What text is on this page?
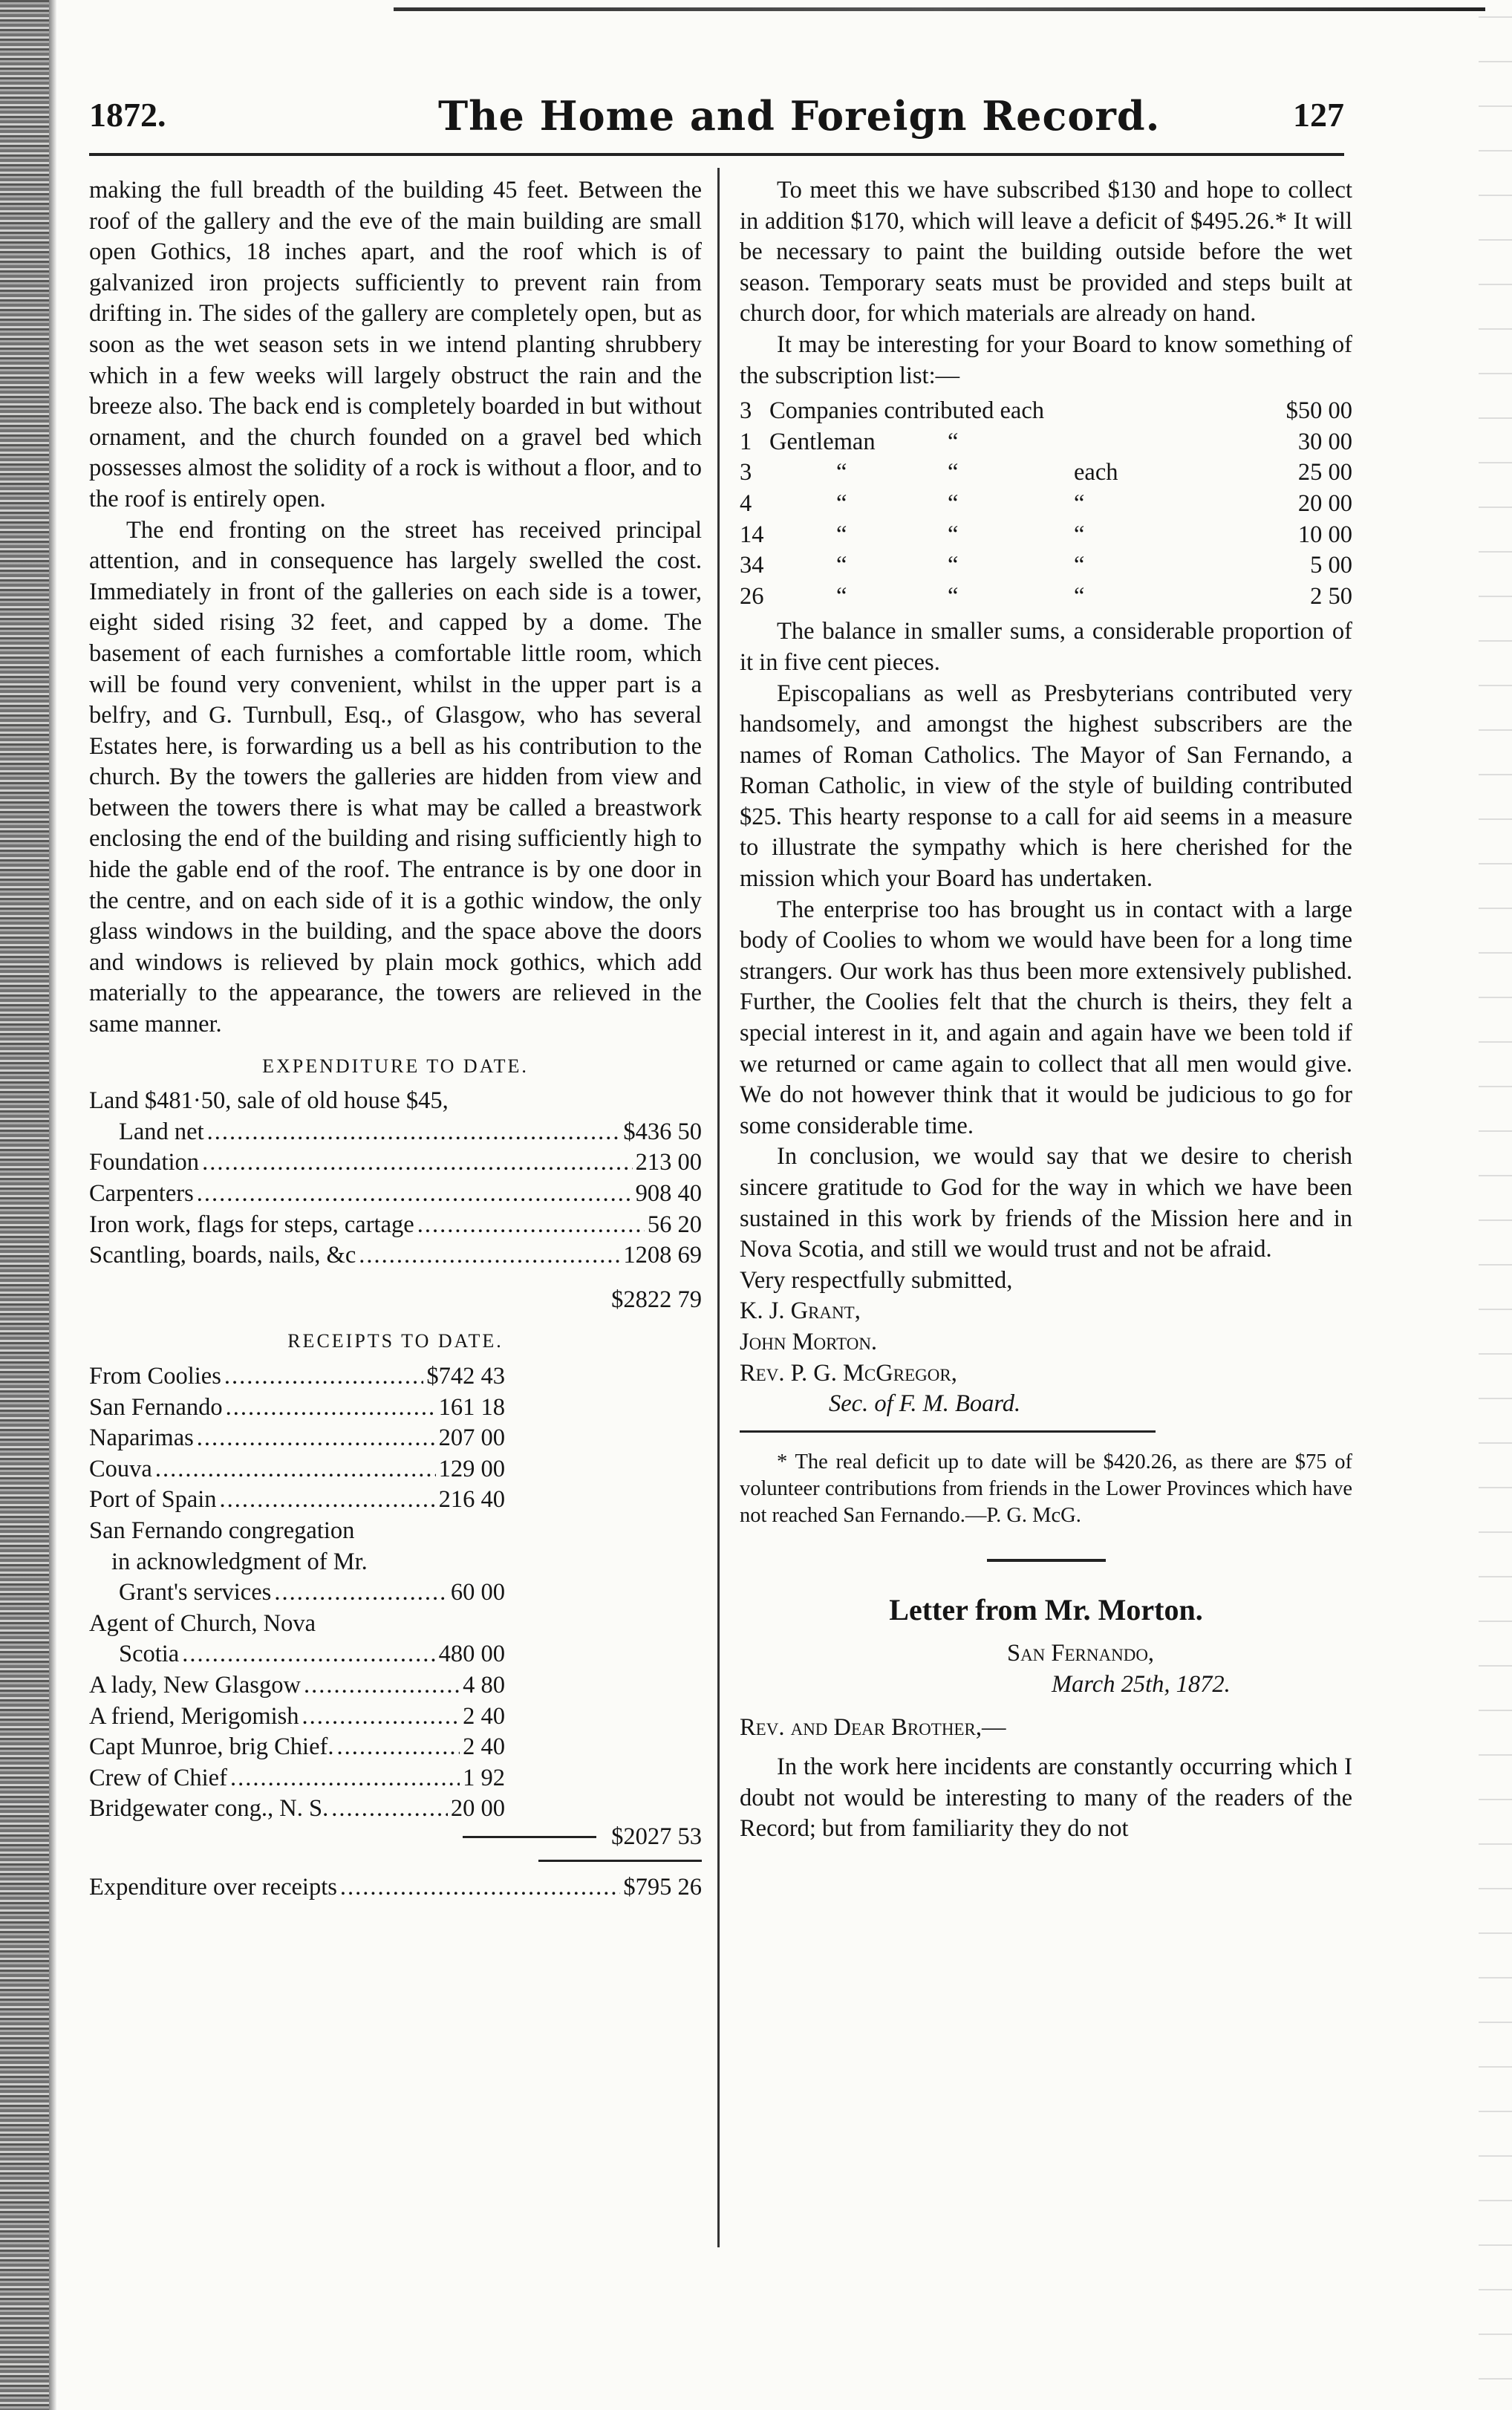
1872.	The Home and Foreign Record.	127

making the full breadth of the building 45 feet. Between the roof of the gallery and the eve of the main building are small open Gothics, 18 inches apart, and the roof which is of galvanized iron projects sufficiently to prevent rain from drifting in. The sides of the gallery are completely open, but as soon as the wet season sets in we intend planting shrubbery which in a few weeks will largely obstruct the rain and the breeze also. The back end is completely boarded in but without ornament, and the church founded on a gravel bed which possesses almost the solidity of a rock is without a floor, and to the roof is entirely open.

The end fronting on the street has received principal attention, and in consequence has largely swelled the cost. Immediately in front of the galleries on each side is a tower, eight sided rising 32 feet, and capped by a dome. The basement of each furnishes a comfortable little room, which will be found very convenient, whilst in the upper part is a belfry, and G. Turnbull, Esq., of Glasgow, who has several Estates here, is forwarding us a bell as his contribution to the church. By the towers the galleries are hidden from view and between the towers there is what may be called a breastwork enclosing the end of the building and rising sufficiently high to hide the gable end of the roof. The entrance is by one door in the centre, and on each side of it is a gothic window, the only glass windows in the building, and the space above the doors and windows is relieved by plain mock gothics, which add materially to the appearance, the towers are relieved in the same manner.

EXPENDITURE TO DATE.

Land $481·50, sale of old house $45,

Land net .....	$436 50
Foundation .....	213 00
Carpenters .....	908 40
Iron work, flags for steps, cartage .....	56 20
Scantling, boards, nails, &c .....	1208 69
$2822 79
RECEIPTS TO DATE.
From Coolies .....	$742 43
San Fernando .....	161 18
Naparimas .....	207 00
Couva .....	129 00
Port of Spain .....	216 40

San Fernando congregation

in acknowledgment of Mr.

Grant's services .....	60 00

Agent of Church, Nova

Scotia .....	480 00
A lady, New Glasgow .....	4 80
A friend, Merigomish .....	2 40
Capt Munroe, brig Chief. .....	2 40
Crew of Chief .....	1 92
Bridgewater cong., N. S. .....	20 00
$2027 53
Expenditure over receipts .....	$795 26

To meet this we have subscribed $130 and hope to collect in addition $170, which will leave a deficit of $495.26.* It will be necessary to paint the building outside before the wet season. Temporary seats must be provided and steps built at church door, for which materials are already on hand.

It may be interesting for your Board to know something of the subscription list:—

3 Companies contributed each	$50 00
1 Gentleman	“	30 00
3	“	“	each	25 00
4	“	“	“	20 00
14	“	“	“	10 00
34	“	“	“	5 00
26	“	“	“	2 50

The balance in smaller sums, a considerable proportion of it in five cent pieces.

Episcopalians as well as Presbyterians contributed very handsomely, and amongst the highest subscribers are the names of Roman Catholics. The Mayor of San Fernando, a Roman Catholic, in view of the style of building contributed $25. This hearty response to a call for aid seems in a measure to illustrate the sympathy which is here cherished for the mission which your Board has undertaken.

The enterprise too has brought us in contact with a large body of Coolies to whom we would have been for a long time strangers. Our work has thus been more extensively published. Further, the Coolies felt that the church is theirs, they felt a special interest in it, and again and again have we been told if we returned or came again to collect that all men would give. We do not however think that it would be judicious to go for some considerable time.

In conclusion, we would say that we desire to cherish sincere gratitude to God for the way in which we have been sustained in this work by friends of the Mission here and in Nova Scotia, and still we would trust and not be afraid.

Very respectfully submitted,

K. J. Grant,

John Morton.

Rev. P. G. McGregor,

Sec. of F. M. Board.

* The real deficit up to date will be $420.26, as there are $75 of volunteer contributions from friends in the Lower Provinces which have not reached San Fernando.—P. G. McG.

Letter from Mr. Morton.

San Fernando,

March 25th, 1872.

Rev. and Dear Brother,—

In the work here incidents are constantly occurring which I doubt not would be interesting to many of the readers of the Record; but from familiarity they do not
